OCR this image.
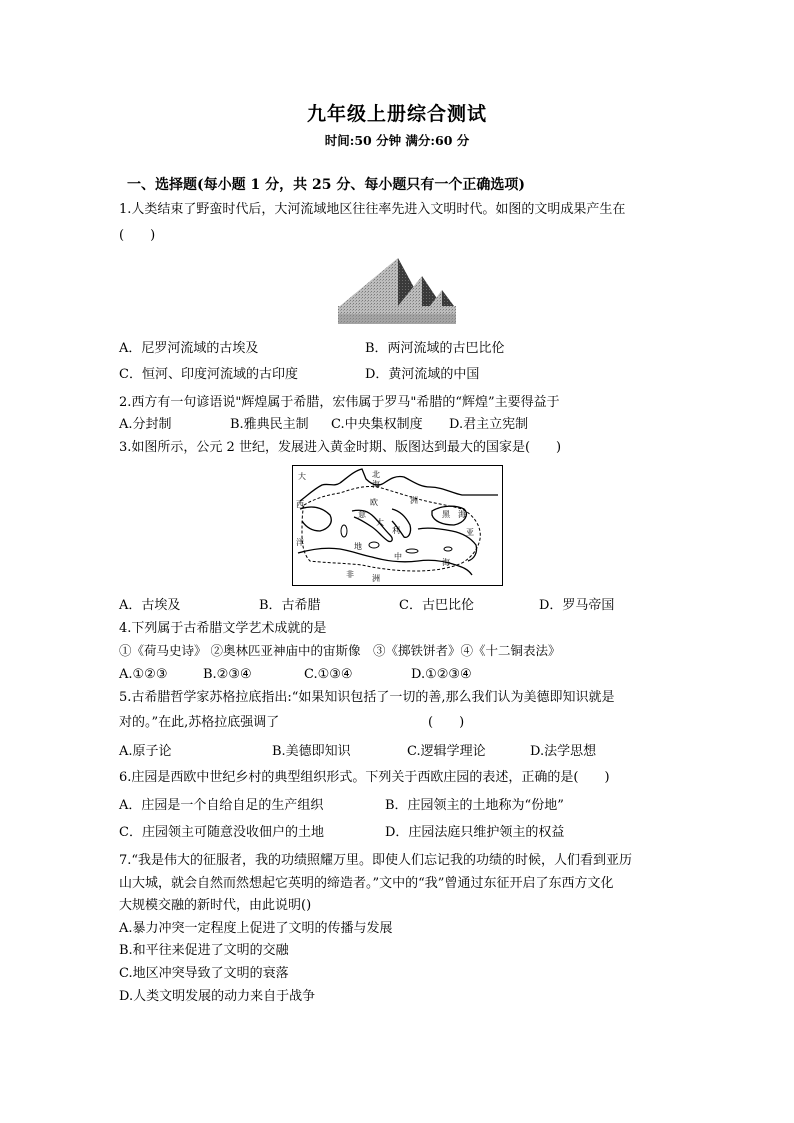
九年级上册综合测试
时间:50 分钟 满分:60 分
一、选择题(每小题 1 分，共 25 分、每小题只有一个正确选项)
1.人类结束了野蛮时代后，大河流域地区往往率先进入文明时代。如图的文明成果产生在
(　　)
A．尼罗河流域的古埃及	B．两河流域的古巴比伦
C．恒河、印度河流域的古印度	D．黄河流域的中国
2.西方有一句谚语说"辉煌属于希腊，宏伟属于罗马"希腊的“辉煌”主要得益于
A.分封制	B.雅典民主制 C.中央集权制度 D.君主立宪制
3.如图所示，公元 2 世纪，发展进入黄金时期、版图达到最大的国家是(　　)
大
西
洋
北
海
欧	洲
意
大
利
地
中
海
黑 海
亚
非 洲
A．古埃及	B．古希腊	C．古巴比伦	D．罗马帝国
4.下列属于古希腊文学艺术成就的是
①《荷马史诗》 ②奥林匹亚神庙中的宙斯像　③《掷铁饼者》④《十二铜表法》
A.①②③	B.②③④	C.①③④	D.①②③④
5.古希腊哲学家苏格拉底指出:“如果知识包括了一切的善,那么我们认为美德即知识就是
对的。”在此,苏格拉底强调了	(　　)
A.原子论	B.美德即知识	C.逻辑学理论	D.法学思想
6.庄园是西欧中世纪乡村的典型组织形式。下列关于西欧庄园的表述，正确的是(　　)
A．庄园是一个自给自足的生产组织	B．庄园领主的土地称为“份地”
C．庄园领主可随意没收佃户的土地	D．庄园法庭只维护领主的权益
7.“我是伟大的征服者，我的功绩照耀万里。即使人们忘记我的功绩的时候，人们看到亚历
山大城，就会自然而然想起它英明的缔造者。”文中的“我”曾通过东征开启了东西方文化
大规模交融的新时代，由此说明()
A.暴力冲突一定程度上促进了文明的传播与发展
B.和平往来促进了文明的交融
C.地区冲突导致了文明的衰落
D.人类文明发展的动力来自于战争
